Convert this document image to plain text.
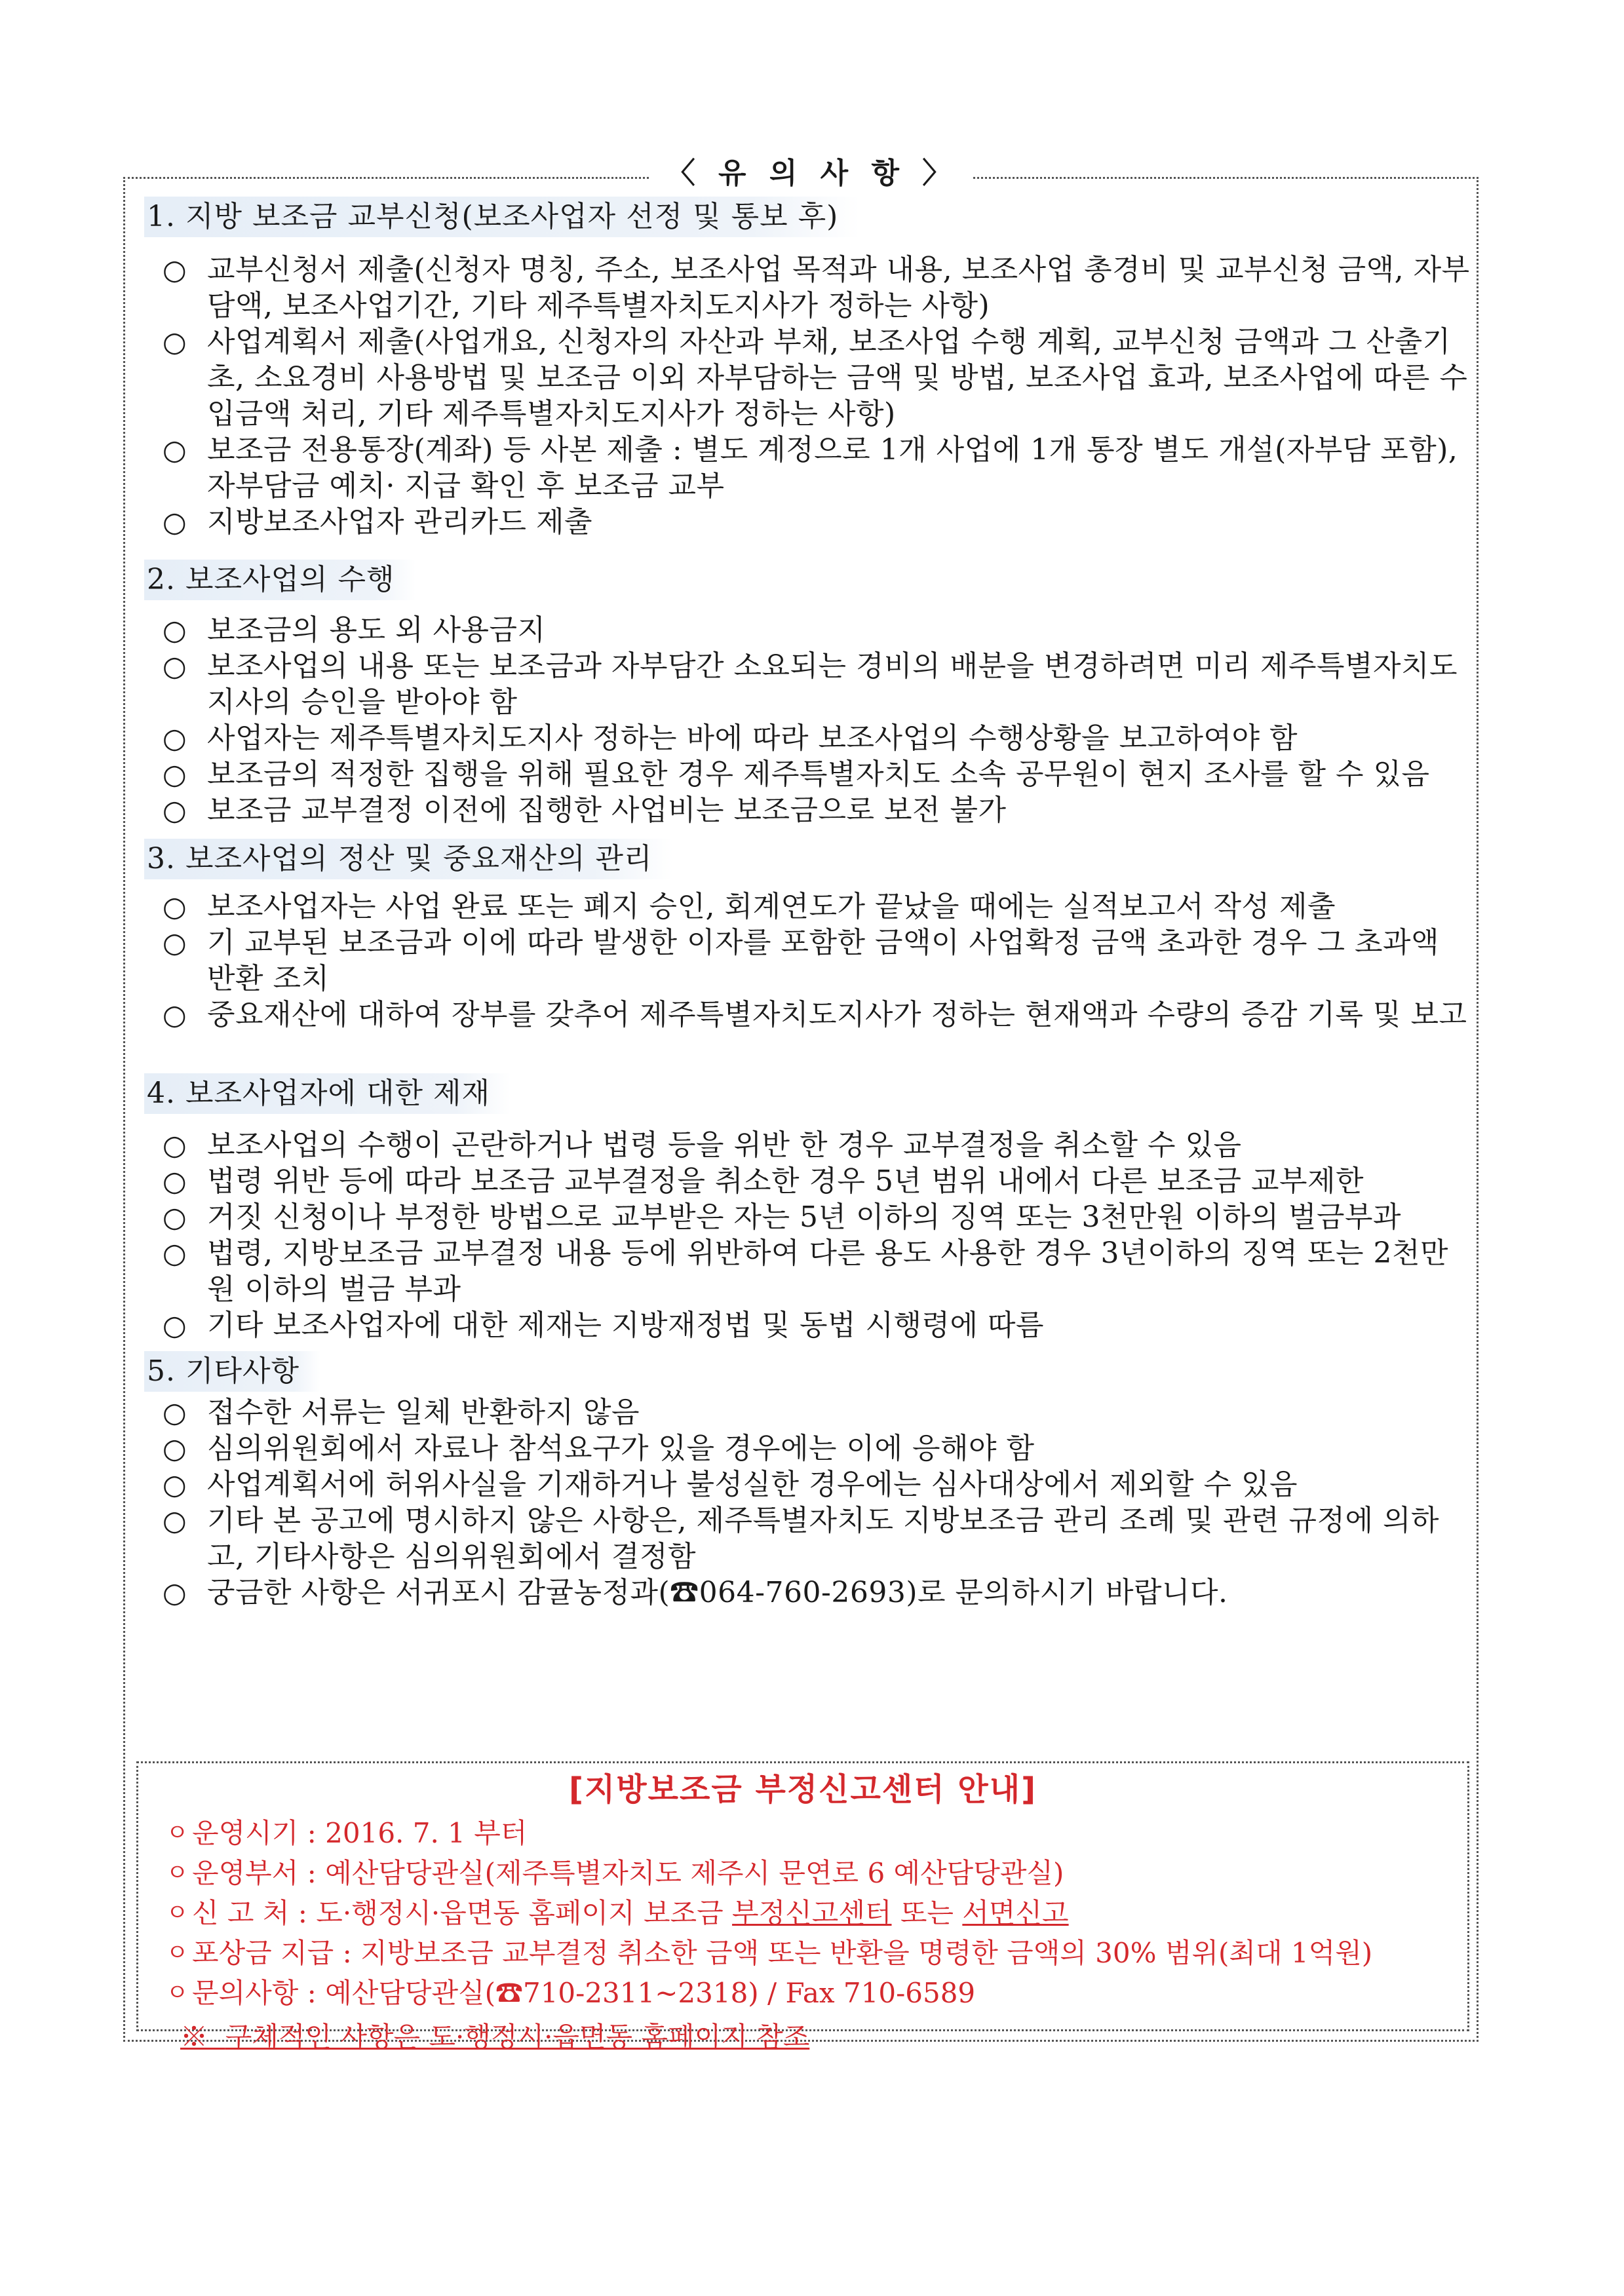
〈 유 의 사 항 〉
1. 지방 보조금 교부신청(보조사업자 선정 및 통보 후)
○ 교부신청서 제출(신청자 명칭, 주소, 보조사업 목적과 내용, 보조사업 총경비 및 교부신청 금액, 자부담액, 보조사업기간, 기타 제주특별자치도지사가 정하는 사항)
○ 사업계획서 제출(사업개요, 신청자의 자산과 부채, 보조사업 수행 계획, 교부신청 금액과 그 산출기초, 소요경비 사용방법 및 보조금 이외 자부담하는 금액 및 방법, 보조사업 효과, 보조사업에 따른 수입금액 처리, 기타 제주특별자치도지사가 정하는 사항)
○ 보조금 전용통장(계좌) 등 사본 제출 : 별도 계정으로 1개 사업에 1개 통장 별도 개설(자부담 포함), 자부담금 예치· 지급 확인 후 보조금 교부
○ 지방보조사업자 관리카드 제출
2. 보조사업의 수행
○ 보조금의 용도 외 사용금지
○ 보조사업의 내용 또는 보조금과 자부담간 소요되는 경비의 배분을 변경하려면 미리 제주특별자치도지사의 승인을 받아야 함
○ 사업자는 제주특별자치도지사 정하는 바에 따라 보조사업의 수행상황을 보고하여야 함
○ 보조금의 적정한 집행을 위해 필요한 경우 제주특별자치도 소속 공무원이 현지 조사를 할 수 있음
○ 보조금 교부결정 이전에 집행한 사업비는 보조금으로 보전 불가
3. 보조사업의 정산 및 중요재산의 관리
○ 보조사업자는 사업 완료 또는 폐지 승인, 회계연도가 끝났을 때에는 실적보고서 작성 제출
○ 기 교부된 보조금과 이에 따라 발생한 이자를 포함한 금액이 사업확정 금액 초과한 경우 그 초과액 반환 조치
○ 중요재산에 대하여 장부를 갖추어 제주특별자치도지사가 정하는 현재액과 수량의 증감 기록 및 보고
4. 보조사업자에 대한 제재
○ 보조사업의 수행이 곤란하거나 법령 등을 위반 한 경우 교부결정을 취소할 수 있음
○ 법령 위반 등에 따라 보조금 교부결정을 취소한 경우 5년 범위 내에서 다른 보조금 교부제한
○ 거짓 신청이나 부정한 방법으로 교부받은 자는 5년 이하의 징역 또는 3천만원 이하의 벌금부과
○ 법령, 지방보조금 교부결정 내용 등에 위반하여 다른 용도 사용한 경우 3년이하의 징역 또는 2천만원 이하의 벌금 부과
○ 기타 보조사업자에 대한 제재는 지방재정법 및 동법 시행령에 따름
5. 기타사항
○ 접수한 서류는 일체 반환하지 않음
○ 심의위원회에서 자료나 참석요구가 있을 경우에는 이에 응해야 함
○ 사업계획서에 허위사실을 기재하거나 불성실한 경우에는 심사대상에서 제외할 수 있음
○ 기타 본 공고에 명시하지 않은 사항은, 제주특별자치도 지방보조금 관리 조례 및 관련 규정에 의하고, 기타사항은 심의위원회에서 결정함
○ 궁금한 사항은 서귀포시 감귤농정과(☎064-760-2693)로 문의하시기 바랍니다.
[지방보조금 부정신고센터 안내]
ㅇ 운영시기 : 2016. 7. 1 부터
ㅇ 운영부서 : 예산담당관실(제주특별자치도 제주시 문연로 6 예산담당관실)
ㅇ 신 고 처 : 도·행정시·읍면동 홈페이지 보조금 부정신고센터 또는 서면신고
ㅇ 포상금 지급 : 지방보조금 교부결정 취소한 금액 또는 반환을 명령한 금액의 30% 범위(최대 1억원)
ㅇ 문의사항 : 예산담당관실(☎710-2311~2318) / Fax 710-6589
※ 구체적인 사항은 도·행정시·읍면동 홈페이지 참조
